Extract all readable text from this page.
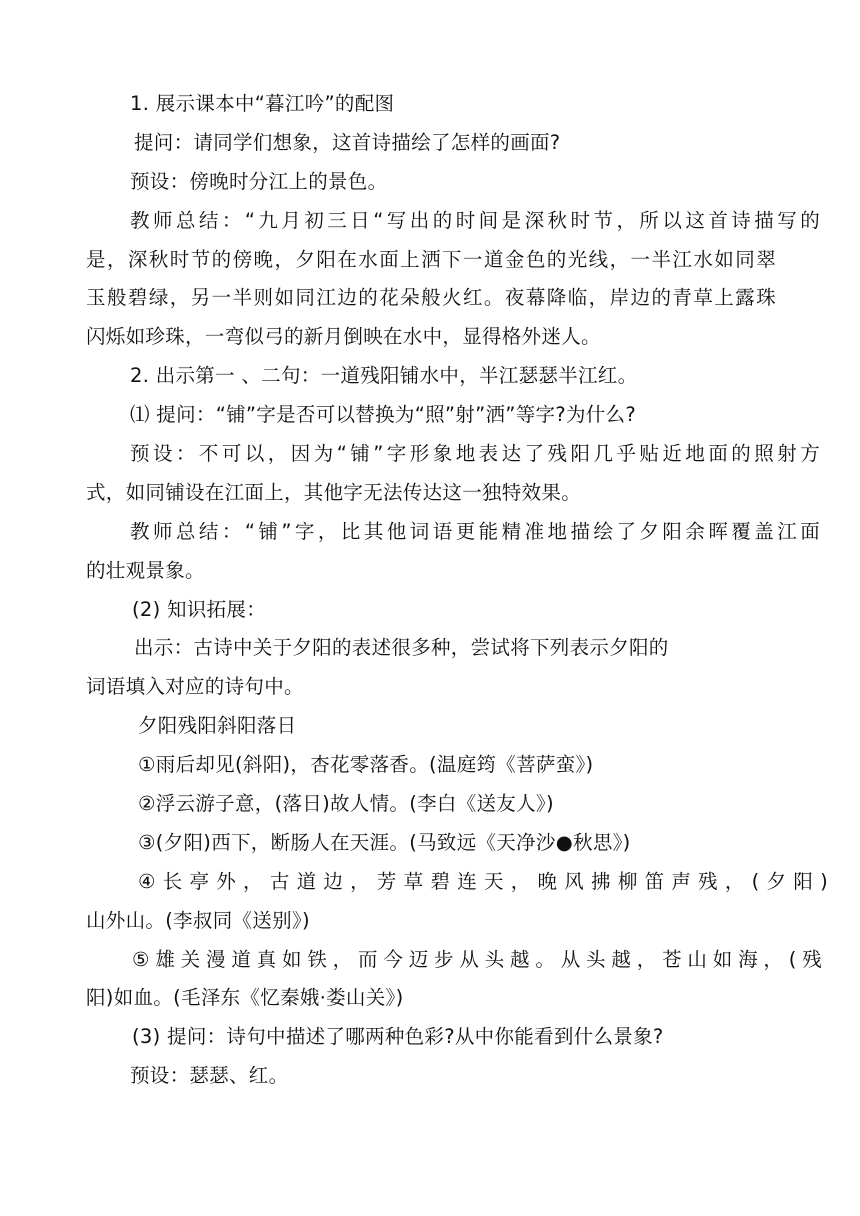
1. 展示课本中“暮江吟”的配图
提问：请同学们想象，这首诗描绘了怎样的画面?
预设：傍晚时分江上的景色。
教师总结：“九月初三日“写出的时间是深秋时节，所以这首诗描写的
是，深秋时节的傍晚，夕阳在水面上洒下一道金色的光线，一半江水如同翠
玉般碧绿，另一半则如同江边的花朵般火红。夜幕降临，岸边的青草上露珠
闪烁如珍珠，一弯似弓的新月倒映在水中，显得格外迷人。
2. 出示第一 、二句：一道残阳铺水中，半江瑟瑟半江红。
⑴ 提问：“铺”字是否可以替换为“照”射”洒”等字?为什么?
预设：不可以，因为“铺”字形象地表达了残阳几乎贴近地面的照射方
式，如同铺设在江面上，其他字无法传达这一独特效果。
教师总结：“铺”字，比其他词语更能精准地描绘了夕阳余晖覆盖江面
的壮观景象。
(2) 知识拓展：
出示：古诗中关于夕阳的表述很多种，尝试将下列表示夕阳的
词语填入对应的诗句中。
夕阳残阳斜阳落日
①雨后却见(斜阳)，杏花零落香。(温庭筠《菩萨蛮》)
②浮云游子意，(落日)故人情。(李白《送友人》)
③(夕阳)西下，断肠人在天涯。(马致远《天净沙●秋思》)
④长亭外，古道边，芳草碧连天，晚风拂柳笛声残，(夕阳)
山外山。(李叔同《送别》)
⑤雄关漫道真如铁，而今迈步从头越。从头越，苍山如海，(残
阳)如血。(毛泽东《忆秦娥·娄山关》)
(3) 提问：诗句中描述了哪两种色彩?从中你能看到什么景象?
预设：瑟瑟、红。
